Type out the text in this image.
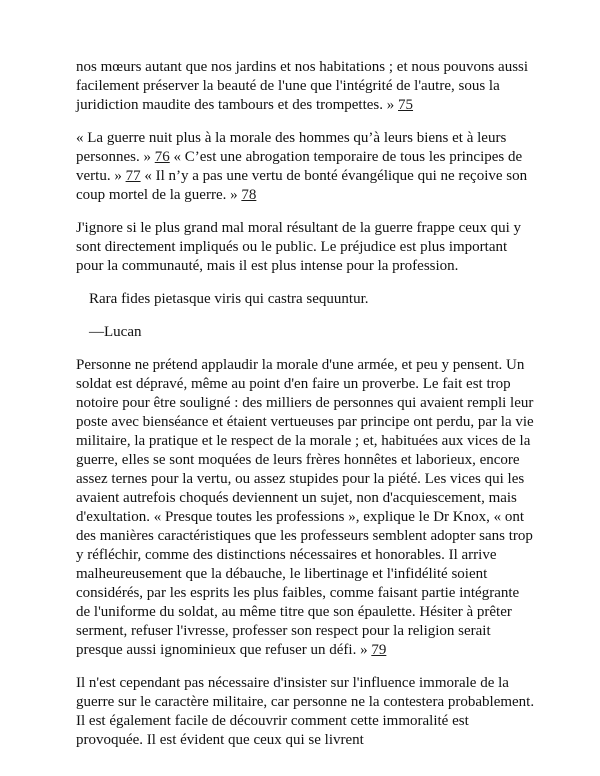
nos mœurs autant que nos jardins et nos habitations ; et nous pouvons aussi facilement préserver la beauté de l'une que l'intégrité de l'autre, sous la juridiction maudite des tambours et des trompettes. » 75

« La guerre nuit plus à la morale des hommes qu’à leurs biens et à leurs personnes. » 76 « C’est une abrogation temporaire de tous les principes de vertu. » 77 « Il n’y a pas une vertu de bonté évangélique qui ne reçoive son coup mortel de la guerre. » 78

J'ignore si le plus grand mal moral résultant de la guerre frappe ceux qui y sont directement impliqués ou le public. Le préjudice est plus important pour la communauté, mais il est plus intense pour la profession.

Rara fides pietasque viris qui castra sequuntur.

—Lucan

Personne ne prétend applaudir la morale d'une armée, et peu y pensent. Un soldat est dépravé, même au point d'en faire un proverbe. Le fait est trop notoire pour être souligné : des milliers de personnes qui avaient rempli leur poste avec bienséance et étaient vertueuses par principe ont perdu, par la vie militaire, la pratique et le respect de la morale ; et, habituées aux vices de la guerre, elles se sont moquées de leurs frères honnêtes et laborieux, encore assez ternes pour la vertu, ou assez stupides pour la piété. Les vices qui les avaient autrefois choqués deviennent un sujet, non d'acquiescement, mais d'exultation. « Presque toutes les professions », explique le Dr Knox, « ont des manières caractéristiques que les professeurs semblent adopter sans trop y réfléchir, comme des distinctions nécessaires et honorables. Il arrive malheureusement que la débauche, le libertinage et l'infidélité soient considérés, par les esprits les plus faibles, comme faisant partie intégrante de l'uniforme du soldat, au même titre que son épaulette. Hésiter à prêter serment, refuser l'ivresse, professer son respect pour la religion serait presque aussi ignominieux que refuser un défi. » 79

Il n'est cependant pas nécessaire d'insister sur l'influence immorale de la guerre sur le caractère militaire, car personne ne la contestera probablement. Il est également facile de découvrir comment cette immoralité est provoquée. Il est évident que ceux qui se livrent
